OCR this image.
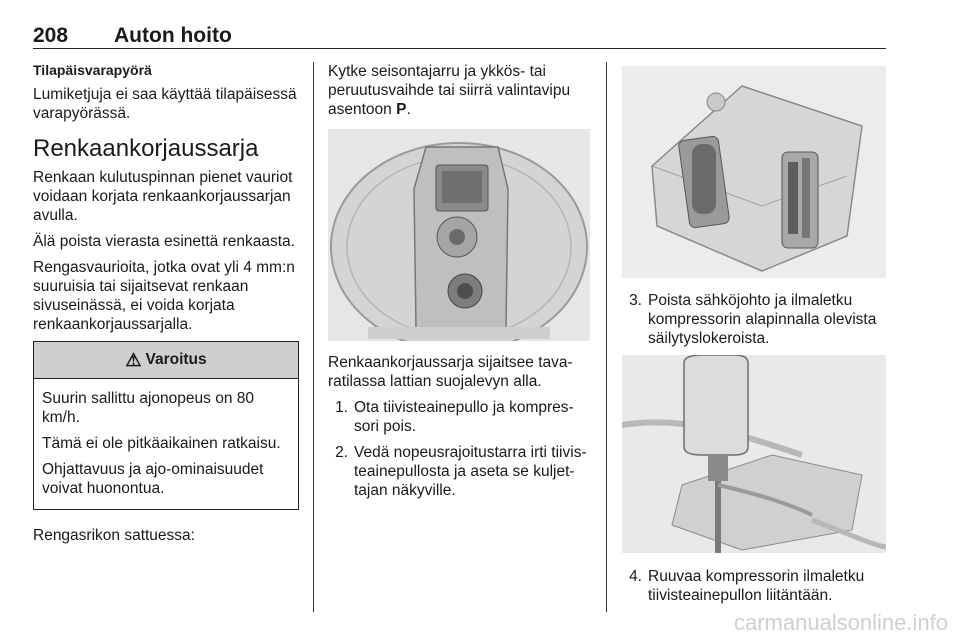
208 Auton hoito
Tilapäisvarapyörä

Lumiketjuja ei saa käyttää tilapäisessä varapyörässä.

Renkaankorjaussarja

Renkaan kulutuspinnan pienet vauriot voidaan korjata renkaankorjaussarjan avulla.

Älä poista vierasta esinettä renkaasta.

Rengasvaurioita, jotka ovat yli 4 mm:n suuruisia tai sijaitsevat renkaan sivuseinässä, ei voida korjata renkaankorjaussarjalla.

⚠ Varoitus

Suurin sallittu ajonopeus on 80 km/h.

Tämä ei ole pitkäaikainen ratkaisu.

Ohjattavuus ja ajo-ominaisuudet voivat huonontua.

Rengasrikon sattuessa:

Kytke seisontajarru ja ykkös- tai peruutusvaihde tai siirrä valintavipu asentoon P.

Renkaankorjaussarja sijaitsee tavaratilassa lattian suojalevyn alla.

1. Ota tiivisteainepullo ja kompressori pois.
2. Vedä nopeusrajoitustarra irti tiivisteainepullosta ja aseta se kuljettajan näkyville.
3. Poista sähköjohto ja ilmaletku kompressorin alapinnalla olevista säilytyslokeroista.
4. Ruuvaa kompressorin ilmaletku tiivisteainepullon liitäntään.
carmanualsonline.info
